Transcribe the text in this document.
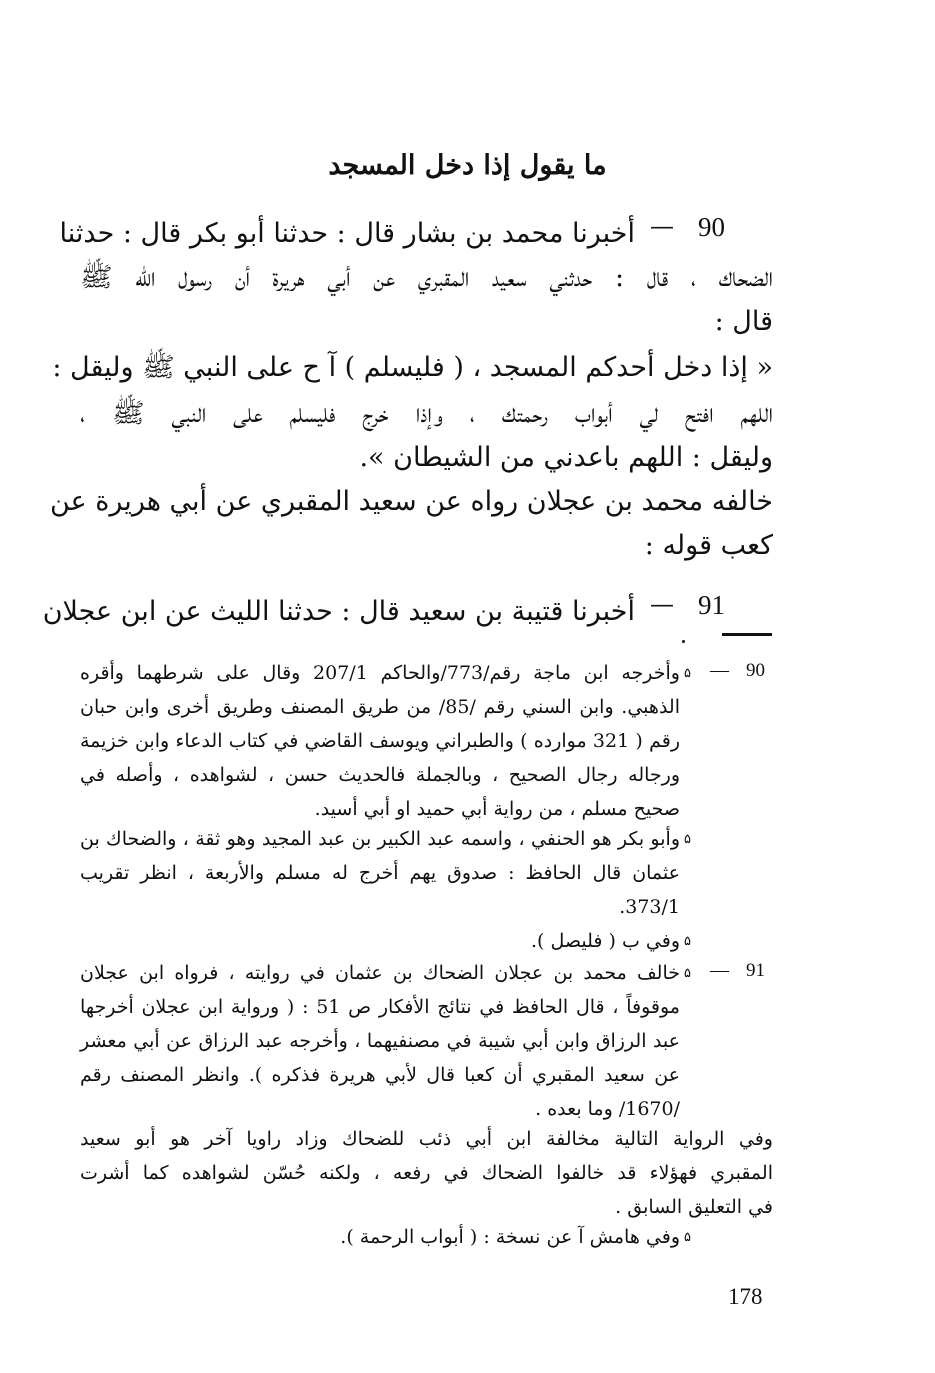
ما يقول إذا دخل المسجد
90
—
أخبرنا محمد بن بشار قال : حدثنا أبو بكر قال : حدثنا
الضحاك ، قال : حدثني سعيد المقبري عن أبي هريرة أن رسول الله ﷺ
قال :
« إذا دخل أحدكم المسجد ، ( فليسلم ) آ ح على النبي ﷺ وليقل :
اللهم افتح لي أبواب رحمتك ، وإذا خرج فليسلم على النبي ﷺ ،
وليقل : اللهم باعدني من الشيطان ».
خالفه محمد بن عجلان رواه عن سعيد المقبري عن أبي هريرة عن
كعب قوله :
91
—
أخبرنا قتيبة بن سعيد قال : حدثنا الليث عن ابن عجلان
90
—
۵
وأخرجه ابن ماجة رقم/773/والحاكم 207/1 وقال على شرطهما وأقره
الذهبي. وابن السني رقم /85/ من طريق المصنف وطريق أخرى وابن حبان
رقم ( 321 موارده ) والطبراني ويوسف القاضي في كتاب الدعاء وابن خزيمة
ورجاله رجال الصحيح ، وبالجملة فالحديث حسن ، لشواهده ، وأصله في
صحيح مسلم ، من رواية أبي حميد او أبي أسيد.
۵
وأبو بكر هو الحنفي ، واسمه عبد الكبير بن عبد المجيد وهو ثقة ، والضحاك بن
عثمان قال الحافظ : صدوق يهم أخرج له مسلم والأربعة ، انظر تقريب
373/1.
۵
وفي ب ( فليصل ).
91
—
۵
خالف محمد بن عجلان الضحاك بن عثمان في روايته ، فرواه ابن عجلان
موقوفاً ، قال الحافظ في نتائج الأفكار ص 51 : ( ورواية ابن عجلان أخرجها
عبد الرزاق وابن أبي شيبة في مصنفيهما ، وأخرجه عبد الرزاق عن أبي معشر
عن سعيد المقبري أن كعبا قال لأبي هريرة فذكره ). وانظر المصنف رقم
/1670/ وما بعده .
وفي الرواية التالية مخالفة ابن أبي ذئب للضحاك وزاد راويا آخر هو أبو سعيد
المقبري فهؤلاء قد خالفوا الضحاك في رفعه ، ولكنه حُسّن لشواهده كما أشرت
في التعليق السابق .
۵
وفي هامش آ عن نسخة : ( أبواب الرحمة ).
178
